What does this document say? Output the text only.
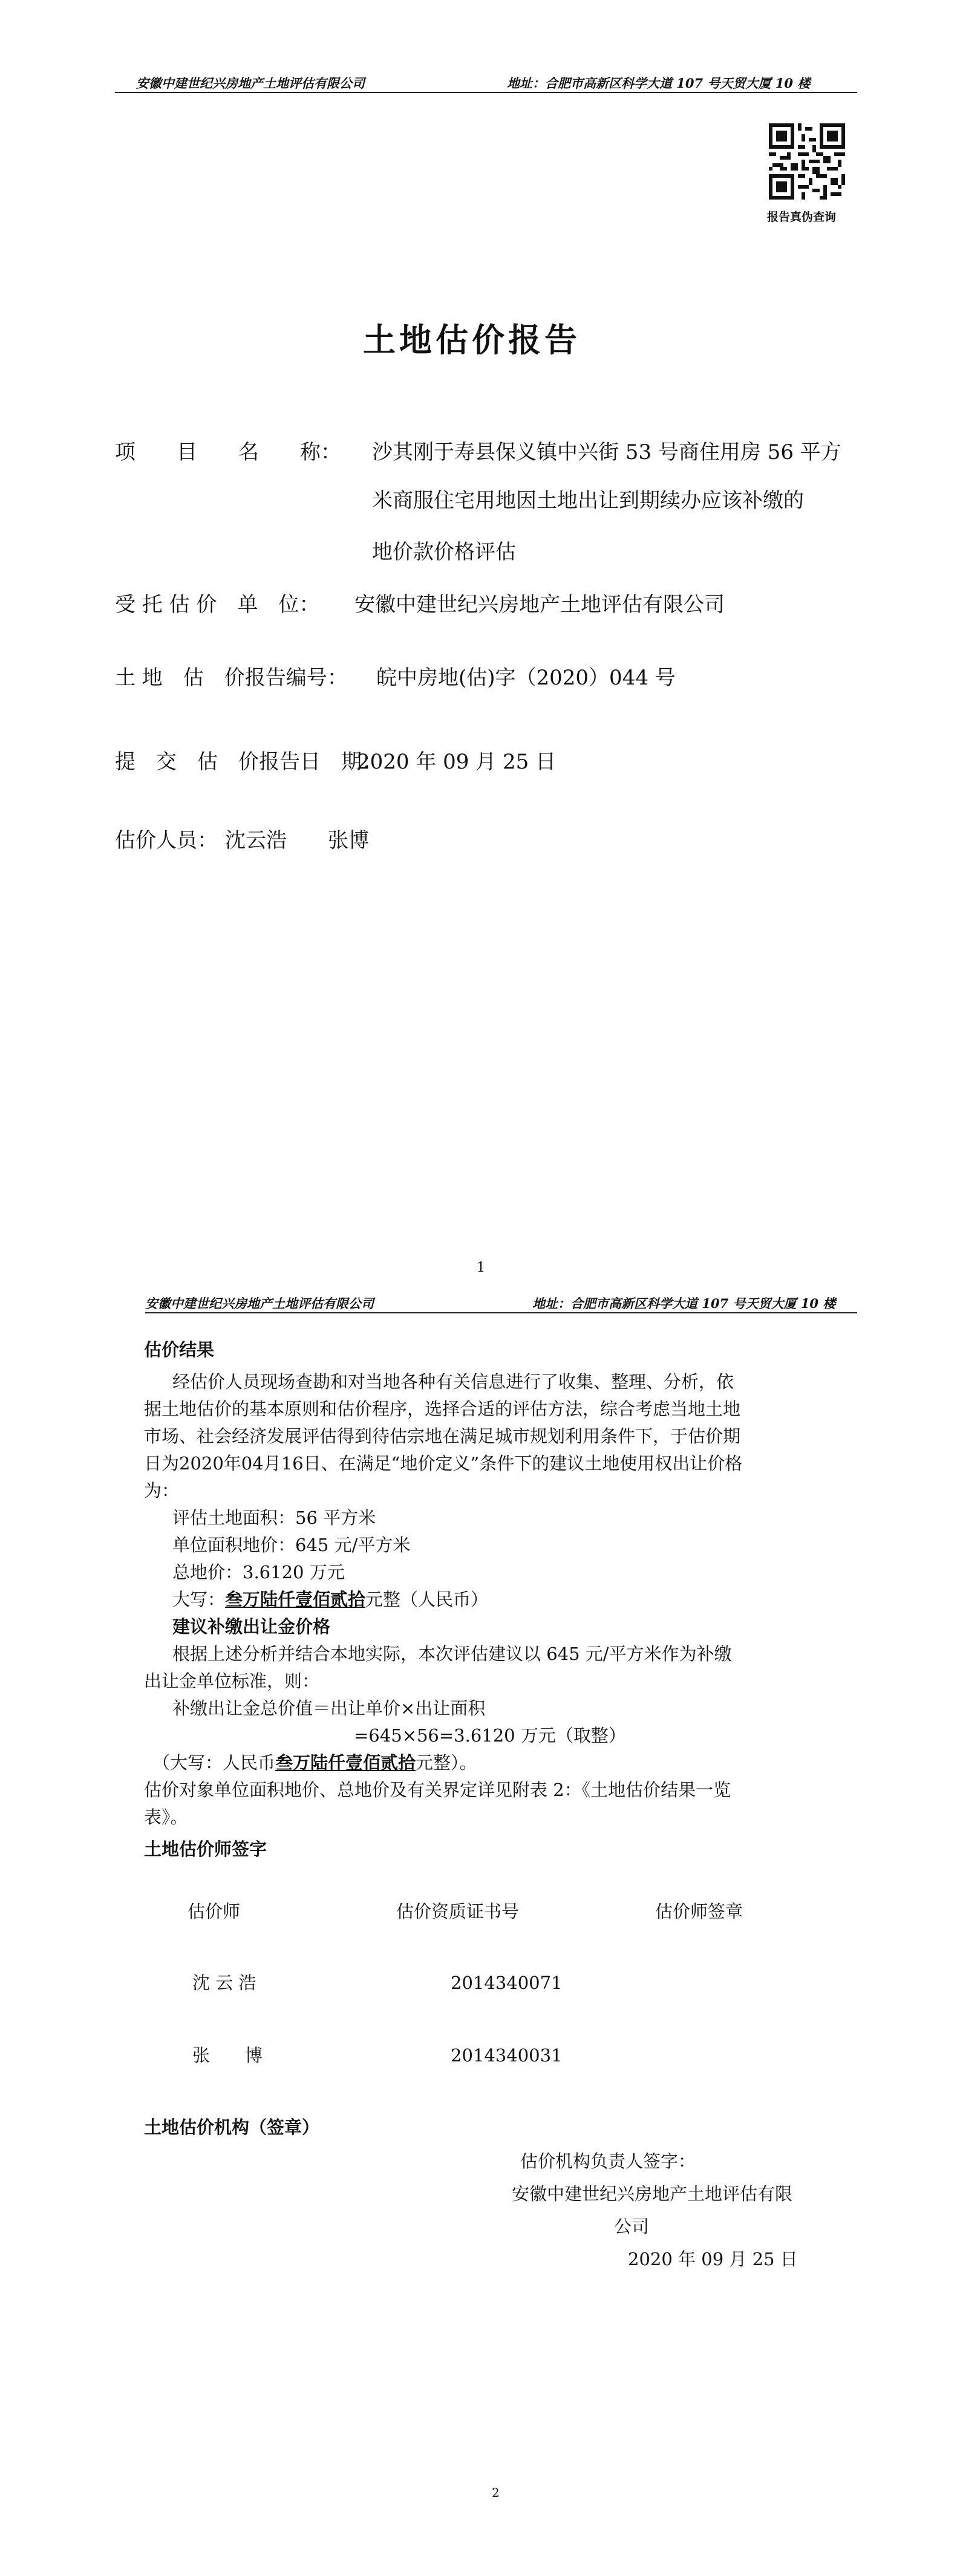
安徽中建世纪兴房地产土地评估有限公司	地址：合肥市高新区科学大道 107 号天贸大厦 10 楼
报告真伪查询
土地估价报告
项　　目　　名　　称： 沙其刚于寿县保义镇中兴街 53 号商住用房 56 平方
米商服住宅用地因土地出让到期续办应该补缴的
地价款价格评估
受 托 估 价　单　位： 安徽中建世纪兴房地产土地评估有限公司
土 地　估　价报告编号： 皖中房地(估)字（2020）044 号
提　交　估　价报告日　期：
2020 年 09 月 25 日
估价人员： 沈云浩　　张博
1
安徽中建世纪兴房地产土地评估有限公司	地址：合肥市高新区科学大道 107 号天贸大厦 10 楼
估价结果
经估价人员现场查勘和对当地各种有关信息进行了收集、整理、分析，依
据土地估价的基本原则和估价程序，选择合适的评估方法，综合考虑当地土地
市场、社会经济发展评估得到待估宗地在满足城市规划利用条件下，于估价期
日为2020年04月16日、在满足“地价定义”条件下的建议土地使用权出让价格
为：
评估土地面积：56 平方米
单位面积地价：645 元/平方米
总地价：3.6120 万元
大写：叁万陆仟壹佰贰拾元整（人民币）
建议补缴出让金价格
根据上述分析并结合本地实际，本次评估建议以 645 元/平方米作为补缴
出让金单位标准，则：
补缴出让金总价值＝出让单价×出让面积
=645×56=3.6120 万元（取整）
（大写：人民币叁万陆仟壹佰贰拾元整）。
估价对象单位面积地价、总地价及有关界定详见附表 2：《土地估价结果一览
表》。
土地估价师签字
估价师	估价资质证书号	估价师签章
沈 云 浩	2014340071
张　　博	2014340031
土地估价机构（签章）
估价机构负责人签字：
安徽中建世纪兴房地产土地评估有限
公司
2020 年 09 月 25 日
2
